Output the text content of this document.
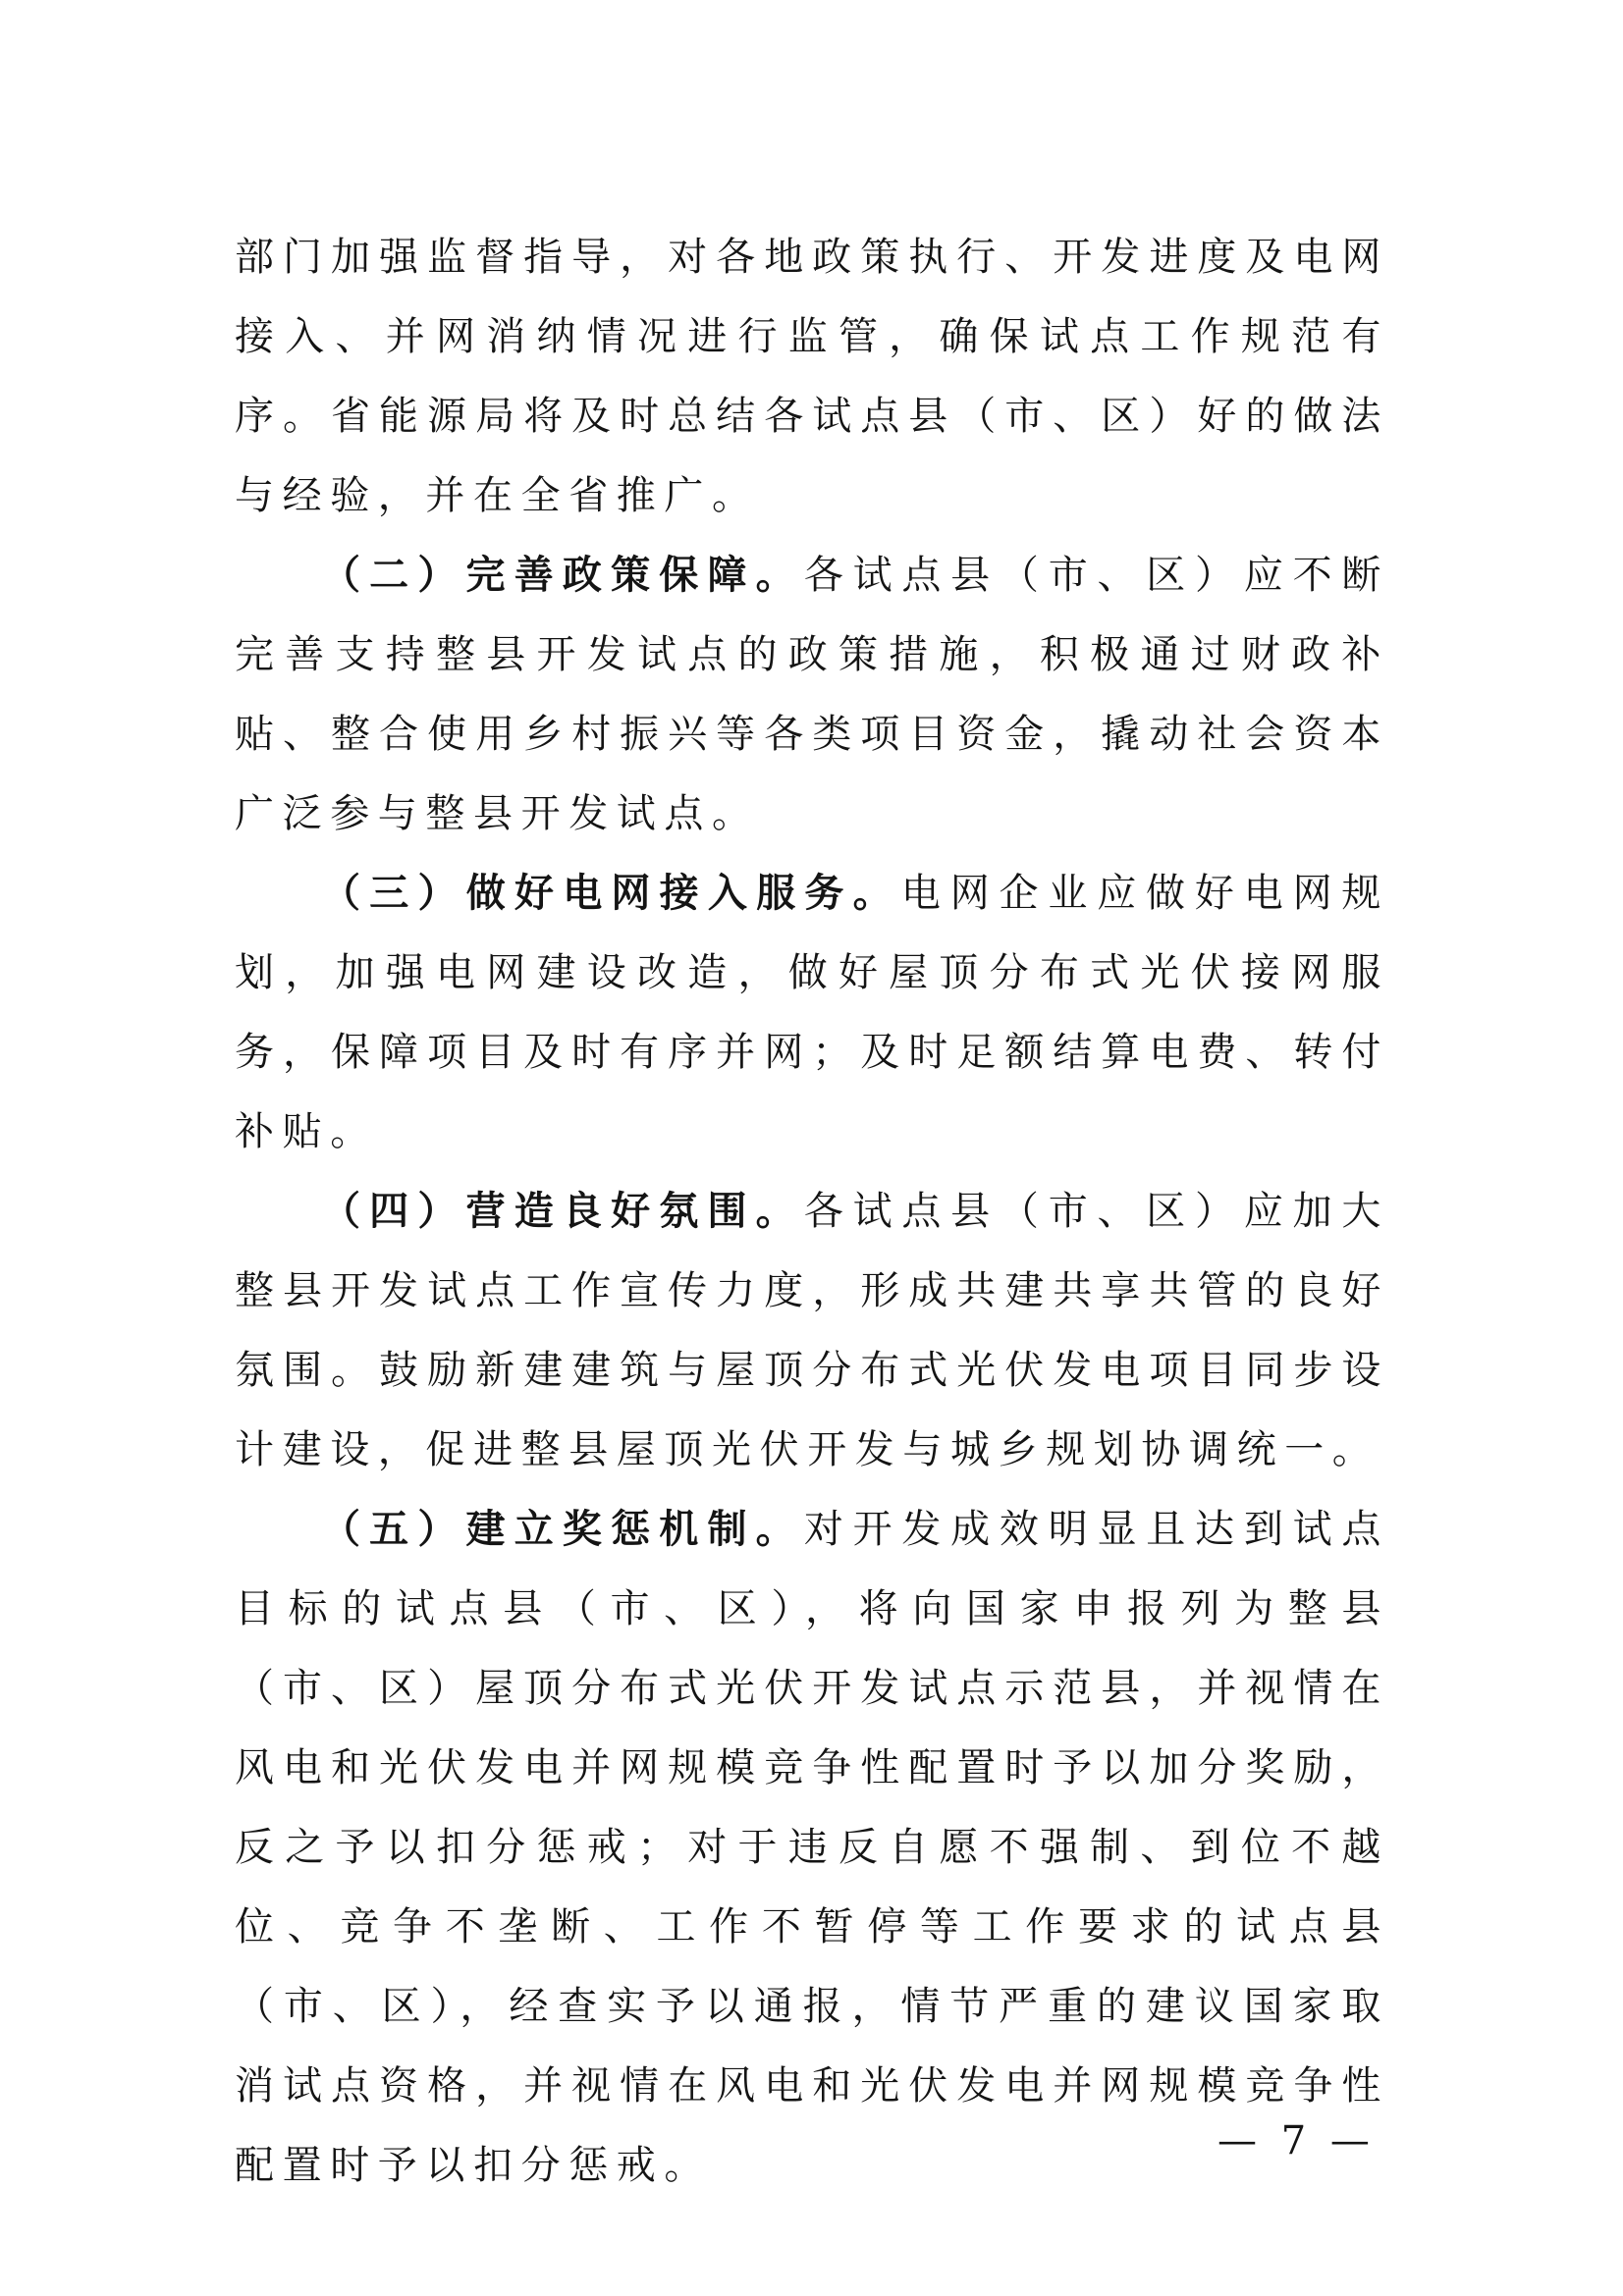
部门加强监督指导，对各地政策执行、开发进度及电网接入、并网消纳情况进行监管，确保试点工作规范有序。省能源局将及时总结各试点县（市、区）好的做法与经验，并在全省推广。

（二）完善政策保障。各试点县（市、区）应不断完善支持整县开发试点的政策措施，积极通过财政补贴、整合使用乡村振兴等各类项目资金，撬动社会资本广泛参与整县开发试点。

（三）做好电网接入服务。电网企业应做好电网规划，加强电网建设改造，做好屋顶分布式光伏接网服务，保障项目及时有序并网；及时足额结算电费、转付补贴。

（四）营造良好氛围。各试点县（市、区）应加大整县开发试点工作宣传力度，形成共建共享共管的良好氛围。鼓励新建建筑与屋顶分布式光伏发电项目同步设计建设，促进整县屋顶光伏开发与城乡规划协调统一。

（五）建立奖惩机制。对开发成效明显且达到试点目标的试点县（市、区），将向国家申报列为整县（市、区）屋顶分布式光伏开发试点示范县，并视情在风电和光伏发电并网规模竞争性配置时予以加分奖励，反之予以扣分惩戒；对于违反自愿不强制、到位不越位、竞争不垄断、工作不暂停等工作要求的试点县（市、区），经查实予以通报，情节严重的建议国家取消试点资格，并视情在风电和光伏发电并网规模竞争性配置时予以扣分惩戒。

— 7 —
